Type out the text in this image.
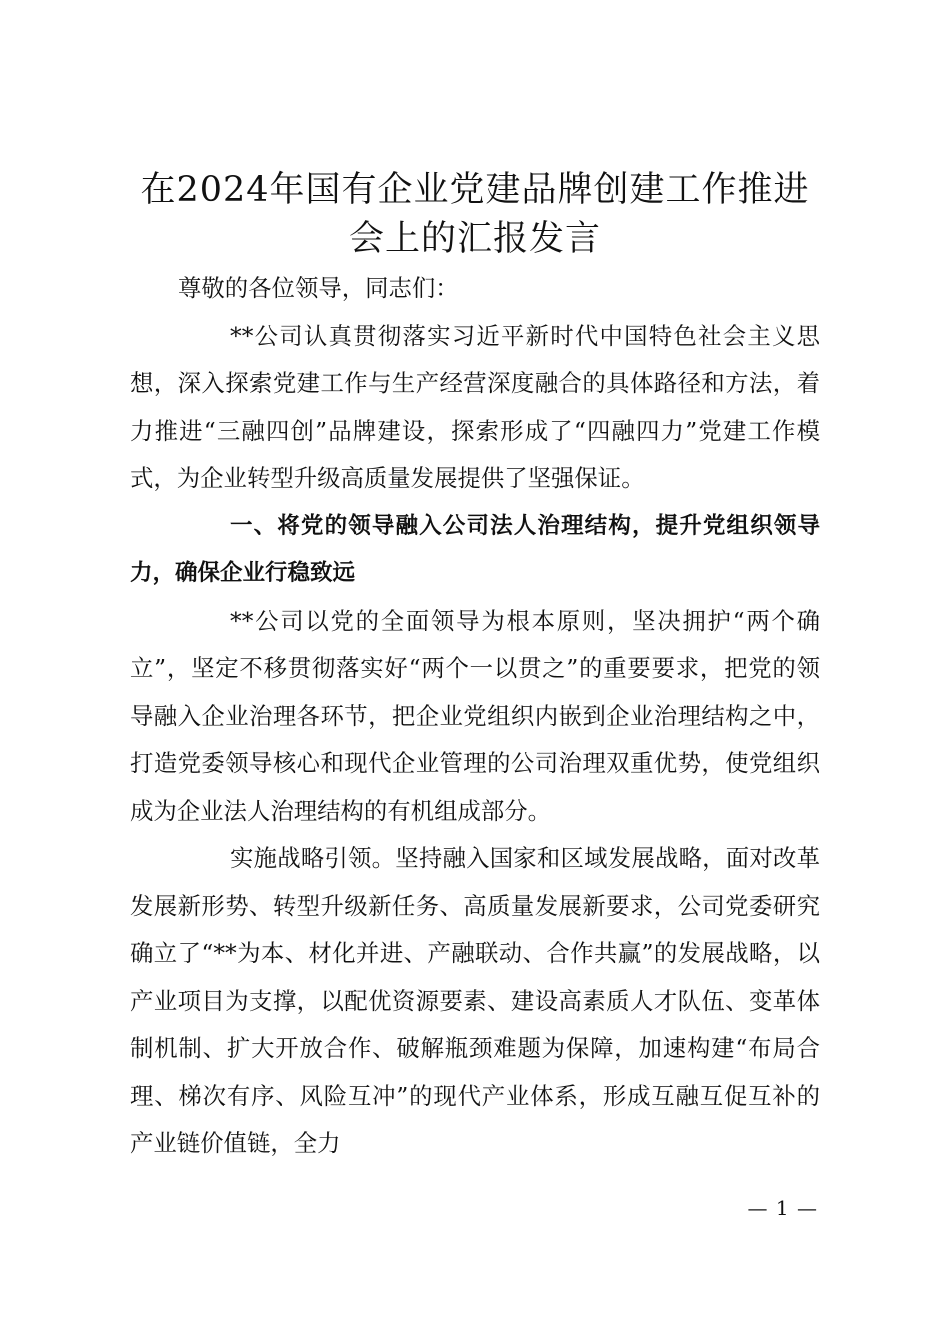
在2024年国有企业党建品牌创建工作推进会上的汇报发言

尊敬的各位领导，同志们：

**公司认真贯彻落实习近平新时代中国特色社会主义思想，深入探索党建工作与生产经营深度融合的具体路径和方法，着力推进“三融四创”品牌建设，探索形成了“四融四力”党建工作模式，为企业转型升级高质量发展提供了坚强保证。

一、将党的领导融入公司法人治理结构，提升党组织领导力，确保企业行稳致远

**公司以党的全面领导为根本原则，坚决拥护“两个确立”，坚定不移贯彻落实好“两个一以贯之”的重要要求，把党的领导融入企业治理各环节，把企业党组织内嵌到企业治理结构之中，打造党委领导核心和现代企业管理的公司治理双重优势，使党组织成为企业法人治理结构的有机组成部分。

实施战略引领。坚持融入国家和区域发展战略，面对改革发展新形势、转型升级新任务、高质量发展新要求，公司党委研究确立了“**为本、材化并进、产融联动、合作共赢”的发展战略，以产业项目为支撑，以配优资源要素、建设高素质人才队伍、变革体制机制、扩大开放合作、破解瓶颈难题为保障，加速构建“布局合理、梯次有序、风险互冲”的现代产业体系，形成互融互促互补的产业链价值链，全力

— 1 —
